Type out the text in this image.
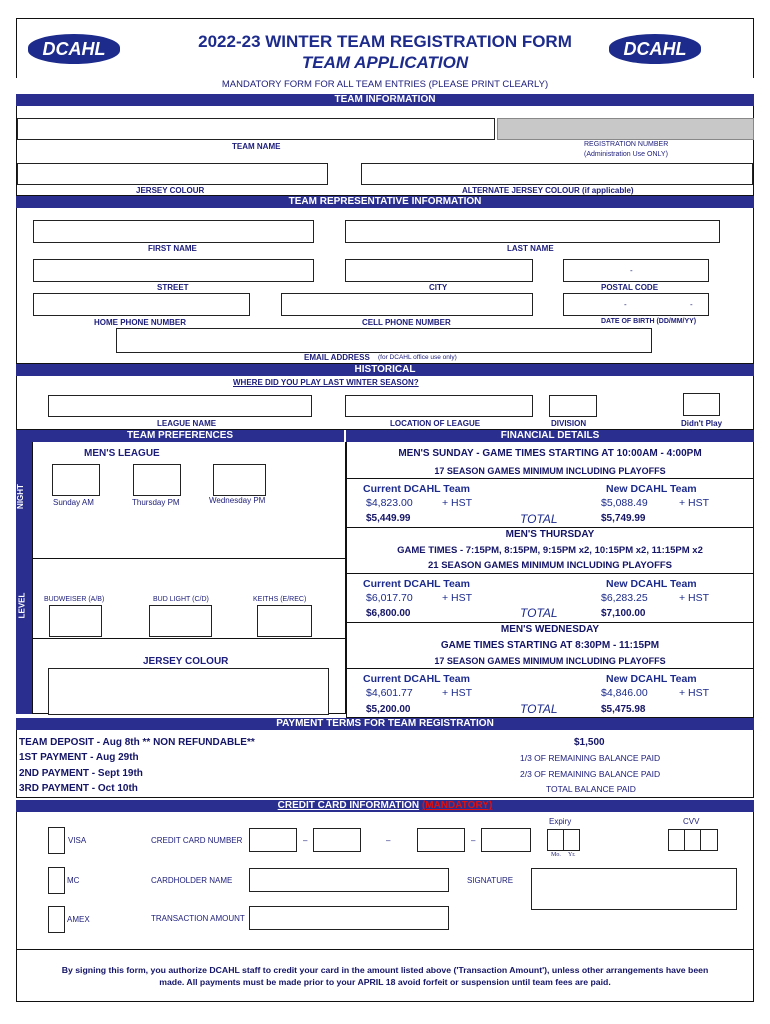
DCAHL	DCAHL
2022-23 WINTER TEAM REGISTRATION FORM
TEAM APPLICATION
MANDATORY FORM FOR ALL TEAM ENTRIES (PLEASE PRINT CLEARLY)
TEAM INFORMATION
TEAM NAME	REGISTRATION NUMBER
(Administration Use ONLY)
JERSEY COLOUR	ALTERNATE JERSEY COLOUR (if applicable)
TEAM REPRESENTATIVE INFORMATION
FIRST NAME	LAST NAME
-
STREET	CITY	POSTAL CODE
-	-
HOME PHONE NUMBER	CELL PHONE NUMBER	DATE OF BIRTH (DD/MM/YY)
EMAIL ADDRESS (for DCAHL office use only)
HISTORICAL
WHERE DID YOU PLAY LAST WINTER SEASON?
LEAGUE NAME	LOCATION OF LEAGUE	DIVISION	Didn't Play
TEAM PREFERENCES	FINANCIAL DETAILS
NIGHT
LEVEL
MEN'S LEAGUE
Sunday AM	Thursday PM	Wednesday PM
BUDWEISER (A/B)	BUD LIGHT (C/D)	KEITHS (E/REC)
JERSEY COLOUR
MEN'S SUNDAY - GAME TIMES STARTING AT 10:00AM - 4:00PM
17 SEASON GAMES MINIMUM INCLUDING PLAYOFFS
Current DCAHL Team	New DCAHL Team
$4,823.00	+ HST	$5,088.49	+ HST
$5,449.99	TOTAL	$5,749.99
MEN'S THURSDAY
GAME TIMES - 7:15PM, 8:15PM, 9:15PM x2, 10:15PM x2, 11:15PM x2
21 SEASON GAMES MINIMUM INCLUDING PLAYOFFS
Current DCAHL Team	New DCAHL Team
$6,017.70	+ HST	$6,283.25	+ HST
$6,800.00	TOTAL	$7,100.00
MEN'S WEDNESDAY
GAME TIMES STARTING AT 8:30PM - 11:15PM
17 SEASON GAMES MINIMUM INCLUDING PLAYOFFS
Current DCAHL Team	New DCAHL Team
$4,601.77	+ HST	$4,846.00	+ HST
$5,200.00	TOTAL	$5,475.98
PAYMENT TERMS FOR TEAM REGISTRATION
TEAM DEPOSIT - Aug 8th ** NON REFUNDABLE**	$1,500
1ST PAYMENT - Aug 29th	1/3 OF REMAINING BALANCE PAID
2ND PAYMENT - Sept 19th	2/3 OF REMAINING BALANCE PAID
3RD PAYMENT - Oct 10th	TOTAL BALANCE PAID
CREDIT CARD INFORMATION (MANDATORY)
VISA
MC
AMEX
CREDIT CARD NUMBER	–	–	–
Expiry
Mo. Yr.
CVV
CARDHOLDER NAME	SIGNATURE
TRANSACTION AMOUNT
By signing this form, you authorize DCAHL staff to credit your card in the amount listed above ('Transaction Amount'), unless other arrangements have been
made. All payments must be made prior to your APRIL 18 avoid forfeit or suspension until team fees are paid.
